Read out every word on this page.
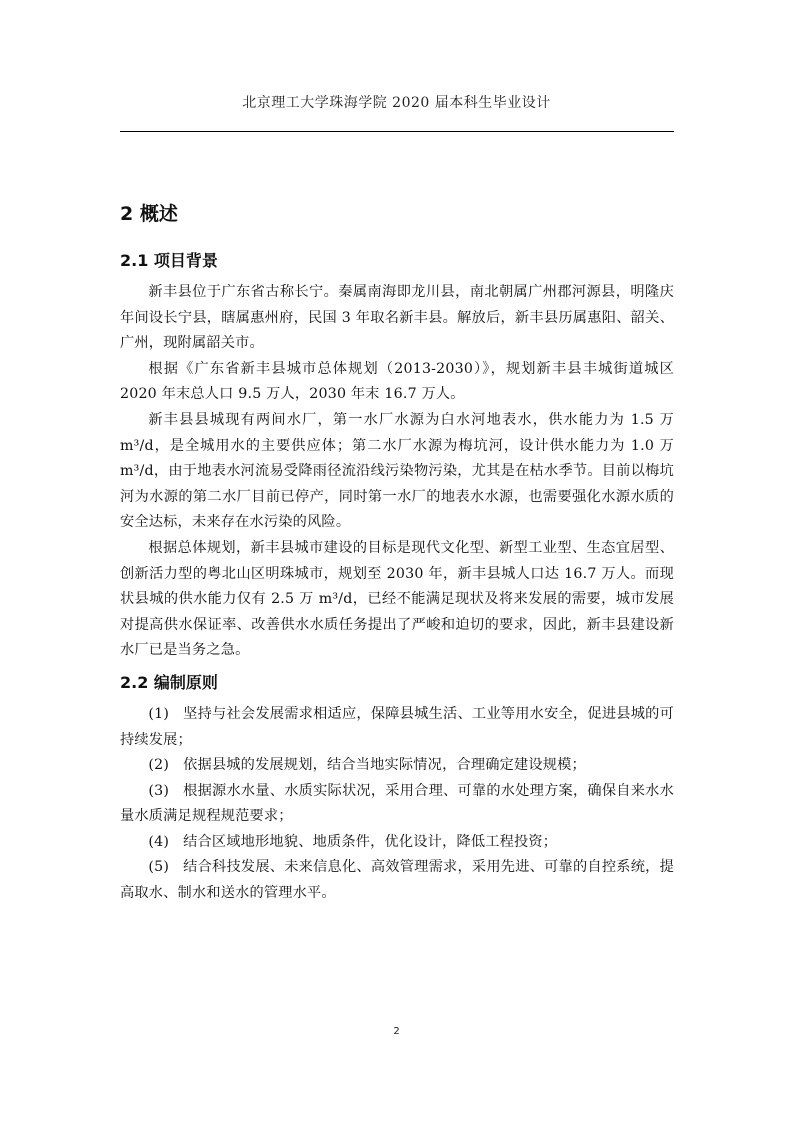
北京理工大学珠海学院 2020 届本科生毕业设计
2 概述
2.1 项目背景

新丰县位于广东省古称长宁。秦属南海即龙川县，南北朝属广州郡河源县，明隆庆年间设长宁县，瞎属惠州府，民国 3 年取名新丰县。解放后，新丰县历属惠阳、韶关、广州，现附属韶关市。

根据《广东省新丰县城市总体规划（2013-2030）》，规划新丰县丰城街道城区 2020 年末总人口 9.5 万人，2030 年末 16.7 万人。

新丰县县城现有两间水厂，第一水厂水源为白水河地表水，供水能力为 1.5 万 m³/d，是全城用水的主要供应体；第二水厂水源为梅坑河，设计供水能力为 1.0 万 m³/d，由于地表水河流易受降雨径流沿线污染物污染，尤其是在枯水季节。目前以梅坑河为水源的第二水厂目前已停产，同时第一水厂的地表水水源，也需要强化水源水质的安全达标，未来存在水污染的风险。

根据总体规划，新丰县城市建设的目标是现代文化型、新型工业型、生态宜居型、创新活力型的粤北山区明珠城市，规划至 2030 年，新丰县城人口达 16.7 万人。而现状县城的供水能力仅有 2.5 万 m³/d，已经不能满足现状及将来发展的需要，城市发展对提高供水保证率、改善供水水质任务提出了严峻和迫切的要求，因此，新丰县建设新水厂已是当务之急。

2.2 编制原则

(1) 坚持与社会发展需求相适应，保障县城生活、工业等用水安全，促进县城的可持续发展；

(2) 依据县城的发展规划，结合当地实际情况，合理确定建设规模；

(3) 根据源水水量、水质实际状况，采用合理、可靠的水处理方案，确保自来水水量水质满足规程规范要求；

(4) 结合区域地形地貌、地质条件，优化设计，降低工程投资；

(5) 结合科技发展、未来信息化、高效管理需求，采用先进、可靠的自控系统，提高取水、制水和送水的管理水平。

2
